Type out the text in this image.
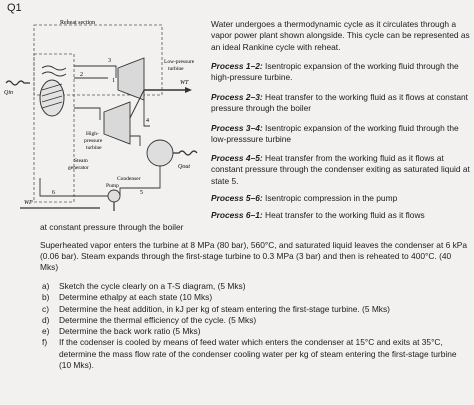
Q1
Reheat section
Qin
High-
pressure
turbine
Low-pressure
turbine
WT
Condenser
Qout
Steam
generator
Pump
WP
1
2
3
4
5
6
Water undergoes a thermodynamic cycle as it circulates through a vapor power plant shown alongside. This cycle can be represented as an ideal Rankine cycle with reheat.
Process 1–2: Isentropic expansion of the working fluid through the high-pressure turbine.
Process 2–3: Heat transfer to the working fluid as it flows at constant pressure through the boiler
Process 3–4: Isentropic expansion of the working fluid through the low-presssure turbine
Process 4–5: Heat transfer from the working fluid as it flows at constant pressure through the condenser exiting as saturated liquid at state 5.
Process 5–6: Isentropic compression in the pump
Process 6–1: Heat transfer to the working fluid as it flows
at constant pressure through the boiler
Superheated vapor enters the turbine at 8 MPa (80 bar), 560°C, and saturated liquid leaves the condenser at 6 kPa (0.06 bar). Steam expands through the first-stage turbine to 0.3 MPa (3 bar) and then is reheated to 400°C. (40 Mks)
a) Sketch the cycle clearly on a T-S diagram, (5 Mks)
b) Determine ethalpy at each state (10 Mks)
c) Determine the heat addition, in kJ per kg of steam entering the first-stage turbine. (5 Mks)
d) Determine the thermal efficiency of the cycle. (5 Mks)
e) Determine the back work ratio (5 Mks)
f) If the codenser is cooled by means of feed water which enters the condenser at 15°C and exits at 35°C, determine the mass flow rate of the condenser cooling water per kg of steam entering the first-stage turbine (10 Mks).
